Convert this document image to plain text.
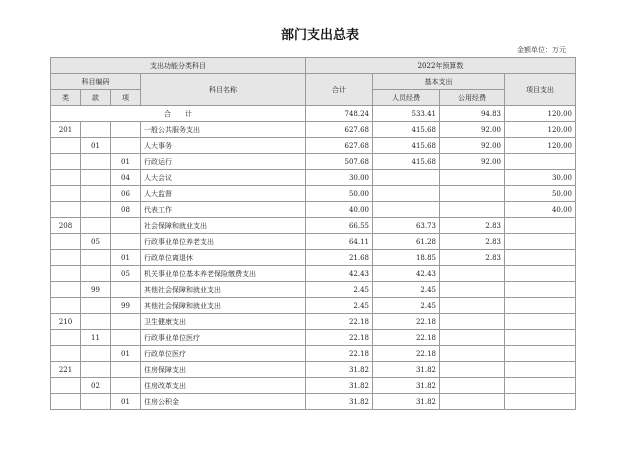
部门支出总表
金额单位：万元
支出功能分类科目				2022年预算数			
科目编码			科目名称	合计	基本支出		项目支出
类	款	项			人员经费	公用经费	
合　　计				748.24	533.41	94.83	120.00
201			一般公共服务支出	627.68	415.68	92.00	120.00
	01		人大事务	627.68	415.68	92.00	120.00
		01	行政运行	507.68	415.68	92.00	
		04	人大会议	30.00			30.00
		06	人大监督	50.00			50.00
		08	代表工作	40.00			40.00
208			社会保障和就业支出	66.55	63.73	2.83	
	05		行政事业单位养老支出	64.11	61.28	2.83	
		01	行政单位离退休	21.68	18.85	2.83	
		05	机关事业单位基本养老保险缴费支出	42.43	42.43		
	99		其他社会保障和就业支出	2.45	2.45		
		99	其他社会保障和就业支出	2.45	2.45		
210			卫生健康支出	22.18	22.18		
	11		行政事业单位医疗	22.18	22.18		
		01	行政单位医疗	22.18	22.18		
221			住房保障支出	31.82	31.82		
	02		住房改革支出	31.82	31.82		
		01	住房公积金	31.82	31.82		
